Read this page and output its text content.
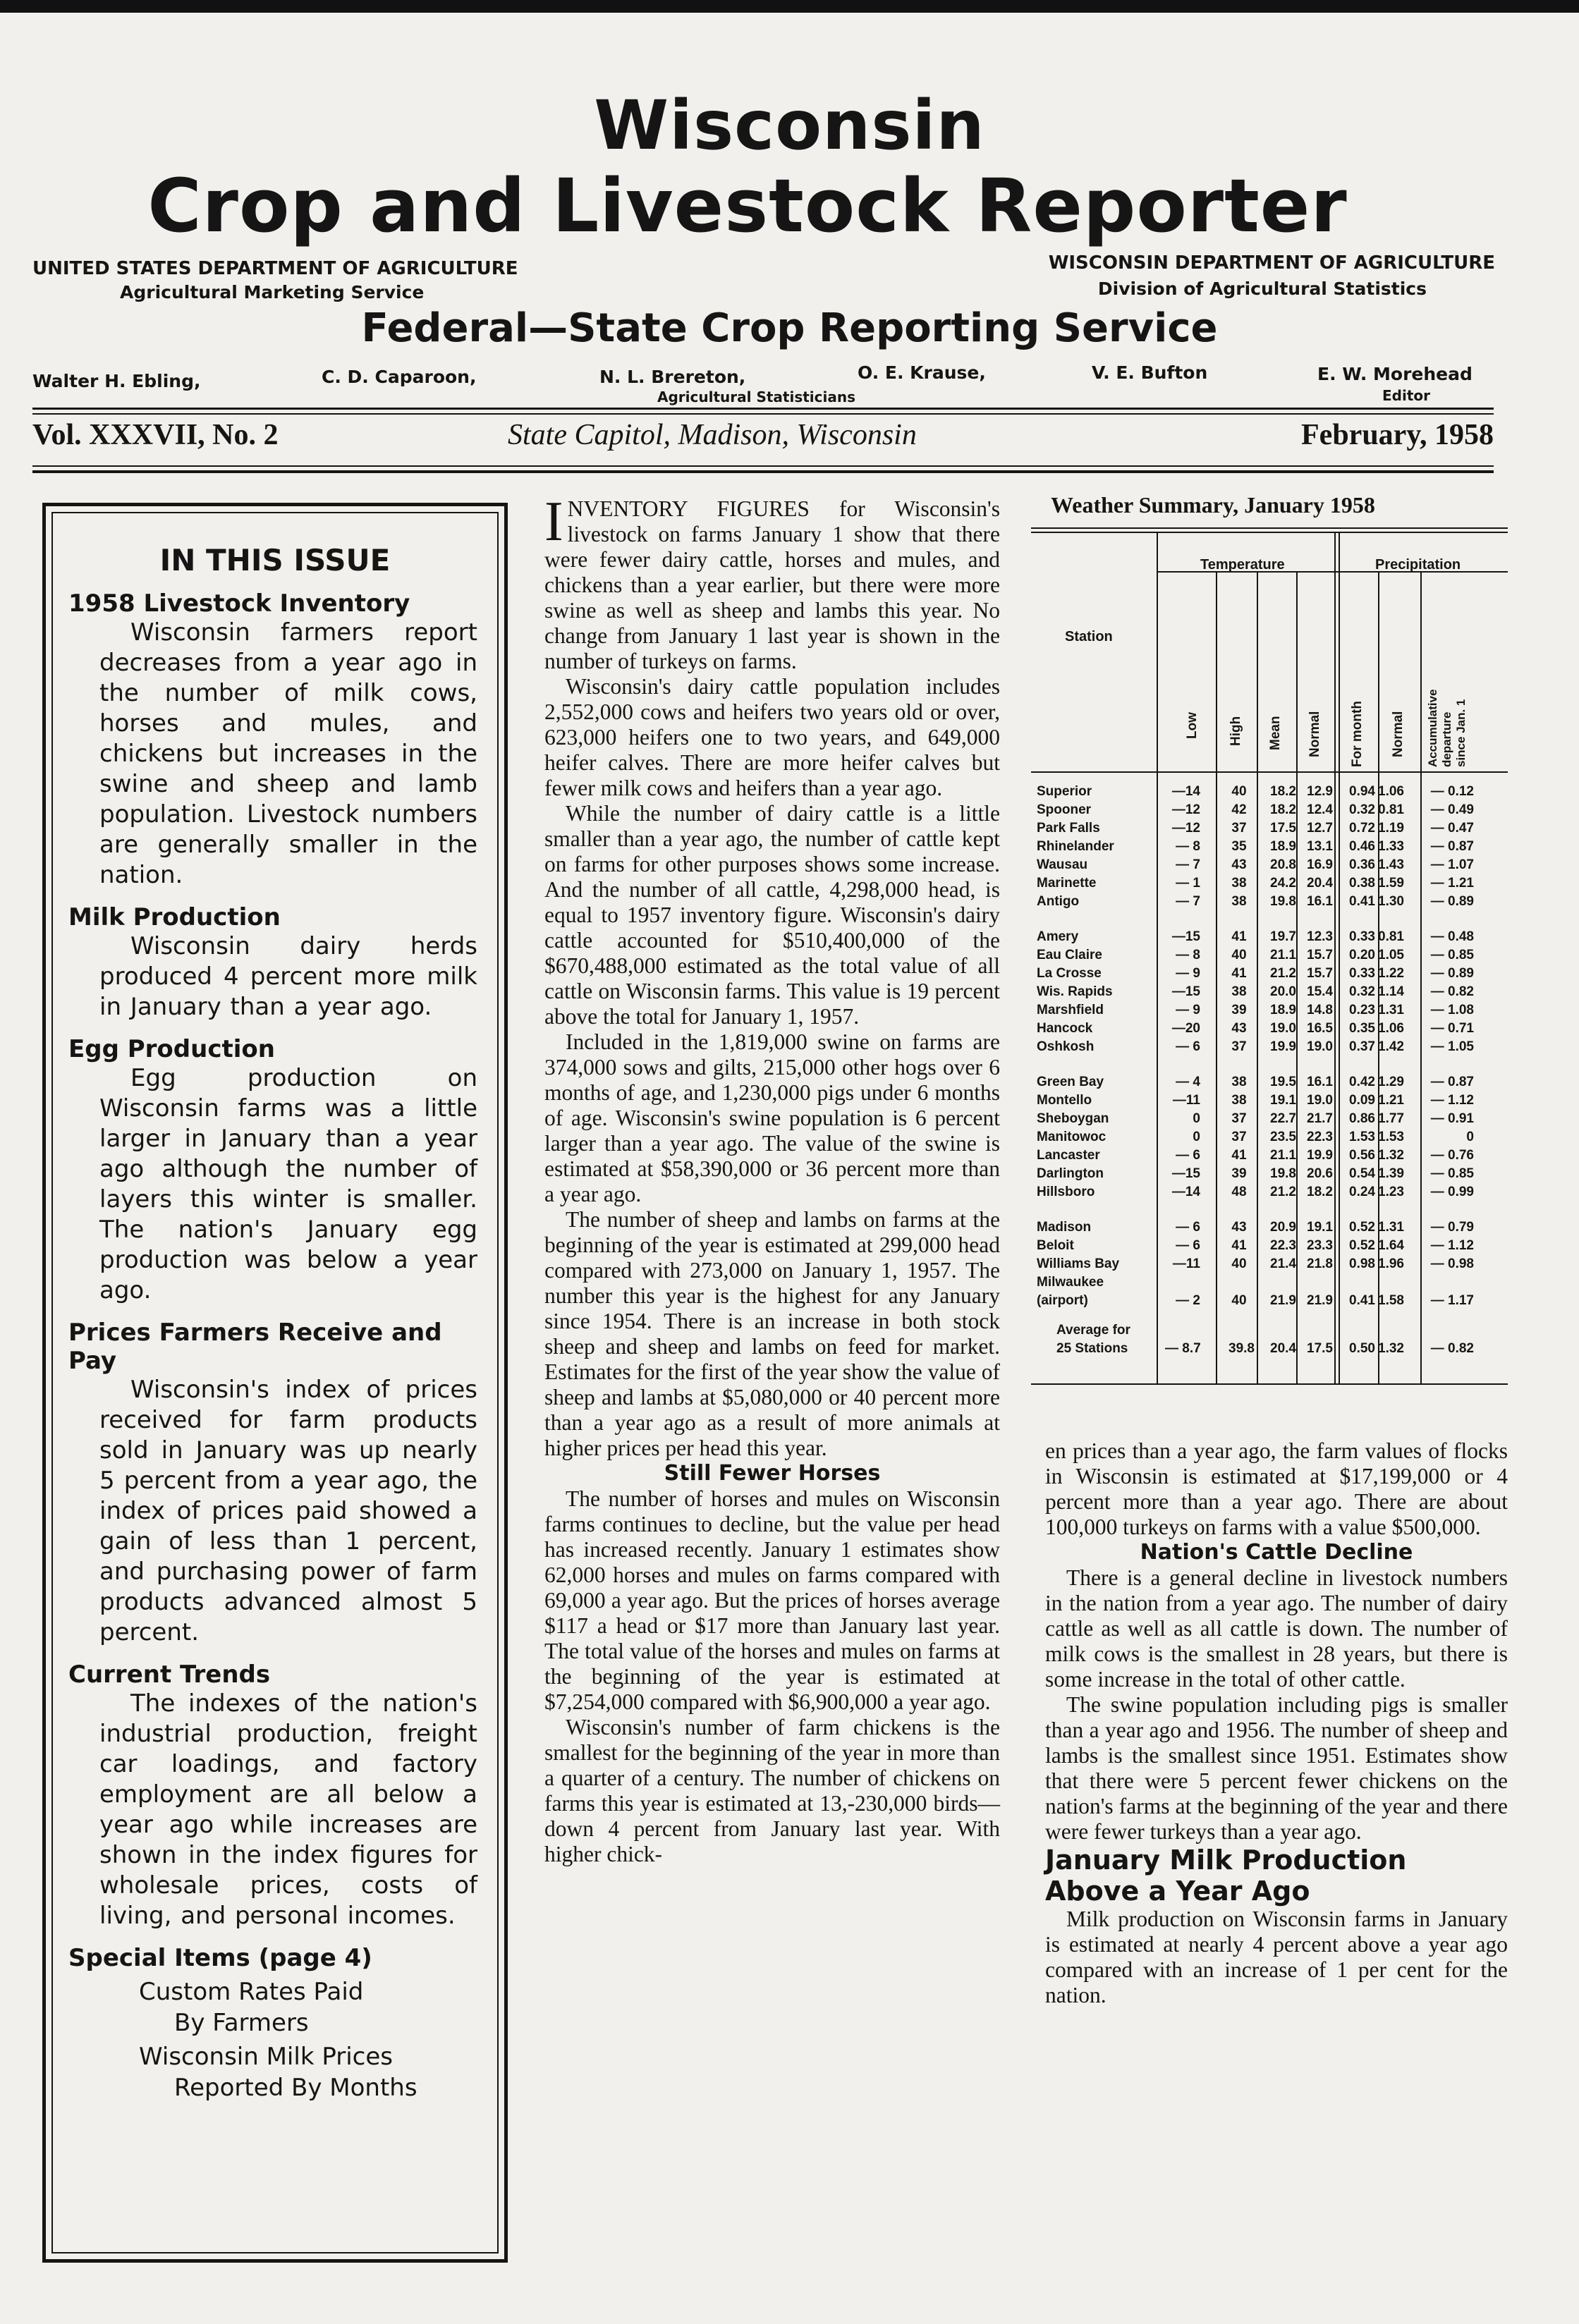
Wisconsin
Crop and Livestock Reporter
UNITED STATES DEPARTMENT OF AGRICULTURE
Agricultural Marketing Service
WISCONSIN DEPARTMENT OF AGRICULTURE
Division of Agricultural Statistics
Federal—State Crop Reporting Service
Walter H. Ebling,	C. D. Caparoon,	N. L. Brereton,
Agricultural Statisticians
O. E. Krause,	V. E. Bufton	E. W. Morehead
Editor
Vol. XXXVII, No. 2	State Capitol, Madison, Wisconsin	February, 1958
IN THIS ISSUE

1958 Livestock Inventory

Wisconsin farmers report decreases from a year ago in the number of milk cows, horses and mules, and chickens but increases in the swine and sheep and lamb population. Livestock numbers are generally smaller in the nation.

Milk Production

Wisconsin dairy herds produced 4 percent more milk in January than a year ago.

Egg Production

Egg production on Wisconsin farms was a little larger in January than a year ago although the number of layers this winter is smaller. The nation's January egg production was below a year ago.

Prices Farmers Receive and Pay

Wisconsin's index of prices received for farm products sold in January was up nearly 5 percent from a year ago, the index of prices paid showed a gain of less than 1 percent, and purchasing power of farm products advanced almost 5 percent.

Current Trends

The indexes of the nation's industrial production, freight car loadings, and factory employment are all below a year ago while increases are shown in the index figures for wholesale prices, costs of living, and personal incomes.

Special Items (page 4)

Custom Rates Paid

By Farmers

Wisconsin Milk Prices

Reported By Months

INVENTORY FIGURES for Wisconsin's livestock on farms January 1 show that there were fewer dairy cattle, horses and mules, and chickens than a year earlier, but there were more swine as well as sheep and lambs this year. No change from January 1 last year is shown in the number of turkeys on farms.

Wisconsin's dairy cattle population includes 2,552,000 cows and heifers two years old or over, 623,000 heifers one to two years, and 649,000 heifer calves. There are more heifer calves but fewer milk cows and heifers than a year ago.

While the number of dairy cattle is a little smaller than a year ago, the number of cattle kept on farms for other purposes shows some increase. And the number of all cattle, 4,298,000 head, is equal to 1957 inventory figure. Wisconsin's dairy cattle accounted for $510,400,000 of the $670,488,000 estimated as the total value of all cattle on Wisconsin farms. This value is 19 percent above the total for January 1, 1957.

Included in the 1,819,000 swine on farms are 374,000 sows and gilts, 215,000 other hogs over 6 months of age, and 1,230,000 pigs under 6 months of age. Wisconsin's swine population is 6 percent larger than a year ago. The value of the swine is estimated at $58,390,000 or 36 percent more than a year ago.

The number of sheep and lambs on farms at the beginning of the year is estimated at 299,000 head compared with 273,000 on January 1, 1957. The number this year is the highest for any January since 1954. There is an increase in both stock sheep and sheep and lambs on feed for market. Estimates for the first of the year show the value of sheep and lambs at $5,080,000 or 40 percent more than a year ago as a result of more animals at higher prices per head this year.

Still Fewer Horses

The number of horses and mules on Wisconsin farms continues to decline, but the value per head has increased recently. January 1 estimates show 62,000 horses and mules on farms compared with 69,000 a year ago. But the prices of horses average $117 a head or $17 more than January last year. The total value of the horses and mules on farms at the beginning of the year is estimated at $7,254,000 compared with $6,900,000 a year ago.

Wisconsin's number of farm chickens is the smallest for the beginning of the year in more than a quarter of a century. The number of chickens on farms this year is estimated at 13,-230,000 birds—down 4 percent from January last year. With higher chick-

Weather Summary, January 1958
Temperature	Precipitation
Station
Low High Mean Normal For month Normal Accumulative departure since Jan. 1
Superior	—14 40	18.2 12.9	0.94 1.06	— 0.12
Spooner	—12 42	18.2 12.4	0.32 0.81	— 0.49
Park Falls	—12 37	17.5 12.7	0.72 1.19	— 0.47
Rhinelander	— 8 35	18.9 13.1	0.46 1.33	— 0.87
Wausau	— 7 43	20.8 16.9	0.36 1.43	— 1.07
Marinette	— 1 38	24.2 20.4	0.38 1.59	— 1.21
Antigo	— 7 38	19.8 16.1	0.41 1.30	— 0.89
Amery	—15 41	19.7 12.3	0.33 0.81	— 0.48
Eau Claire	— 8 40	21.1 15.7	0.20 1.05	— 0.85
La Crosse	— 9 41	21.2 15.7	0.33 1.22	— 0.89
Wis. Rapids	—15 38	20.0 15.4	0.32 1.14	— 0.82
Marshfield	— 9 39	18.9 14.8	0.23 1.31	— 1.08
Hancock	—20 43	19.0 16.5	0.35 1.06	— 0.71
Oshkosh	— 6 37	19.9 19.0	0.37 1.42	— 1.05
Green Bay	— 4 38	19.5 16.1	0.42 1.29	— 0.87
Montello	—11 38	19.1 19.0	0.09 1.21	— 1.12
Sheboygan	0 37	22.7 21.7	0.86 1.77	— 0.91
Manitowoc	0 37	23.5 22.3	1.53 1.53	0
Lancaster	— 6 41	21.1 19.9	0.56 1.32	— 0.76
Darlington	—15 39	19.8 20.6	0.54 1.39	— 0.85
Hillsboro	—14 48	21.2 18.2	0.24 1.23	— 0.99
Madison	— 6 43	20.9 19.1	0.52 1.31	— 0.79
Beloit	— 6 41	22.3 23.3	0.52 1.64	— 1.12
Williams Bay	—11 40	21.4 21.8	0.98 1.96	— 0.98
Milwaukee
(airport)	— 2 40	21.9 21.9	0.41 1.58	— 1.17
Average for
25 Stations	— 8.7 39.8	20.4 17.5	0.50 1.32	— 0.82

en prices than a year ago, the farm values of flocks in Wisconsin is estimated at $17,199,000 or 4 percent more than a year ago. There are about 100,000 turkeys on farms with a value $500,000.

Nation's Cattle Decline

There is a general decline in livestock numbers in the nation from a year ago. The number of dairy cattle as well as all cattle is down. The number of milk cows is the smallest in 28 years, but there is some increase in the total of other cattle.

The swine population including pigs is smaller than a year ago and 1956. The number of sheep and lambs is the smallest since 1951. Estimates show that there were 5 percent fewer chickens on the nation's farms at the beginning of the year and there were fewer turkeys than a year ago.

January Milk Production Above a Year Ago

Milk production on Wisconsin farms in January is estimated at nearly 4 percent above a year ago compared with an increase of 1 per cent for the nation.
